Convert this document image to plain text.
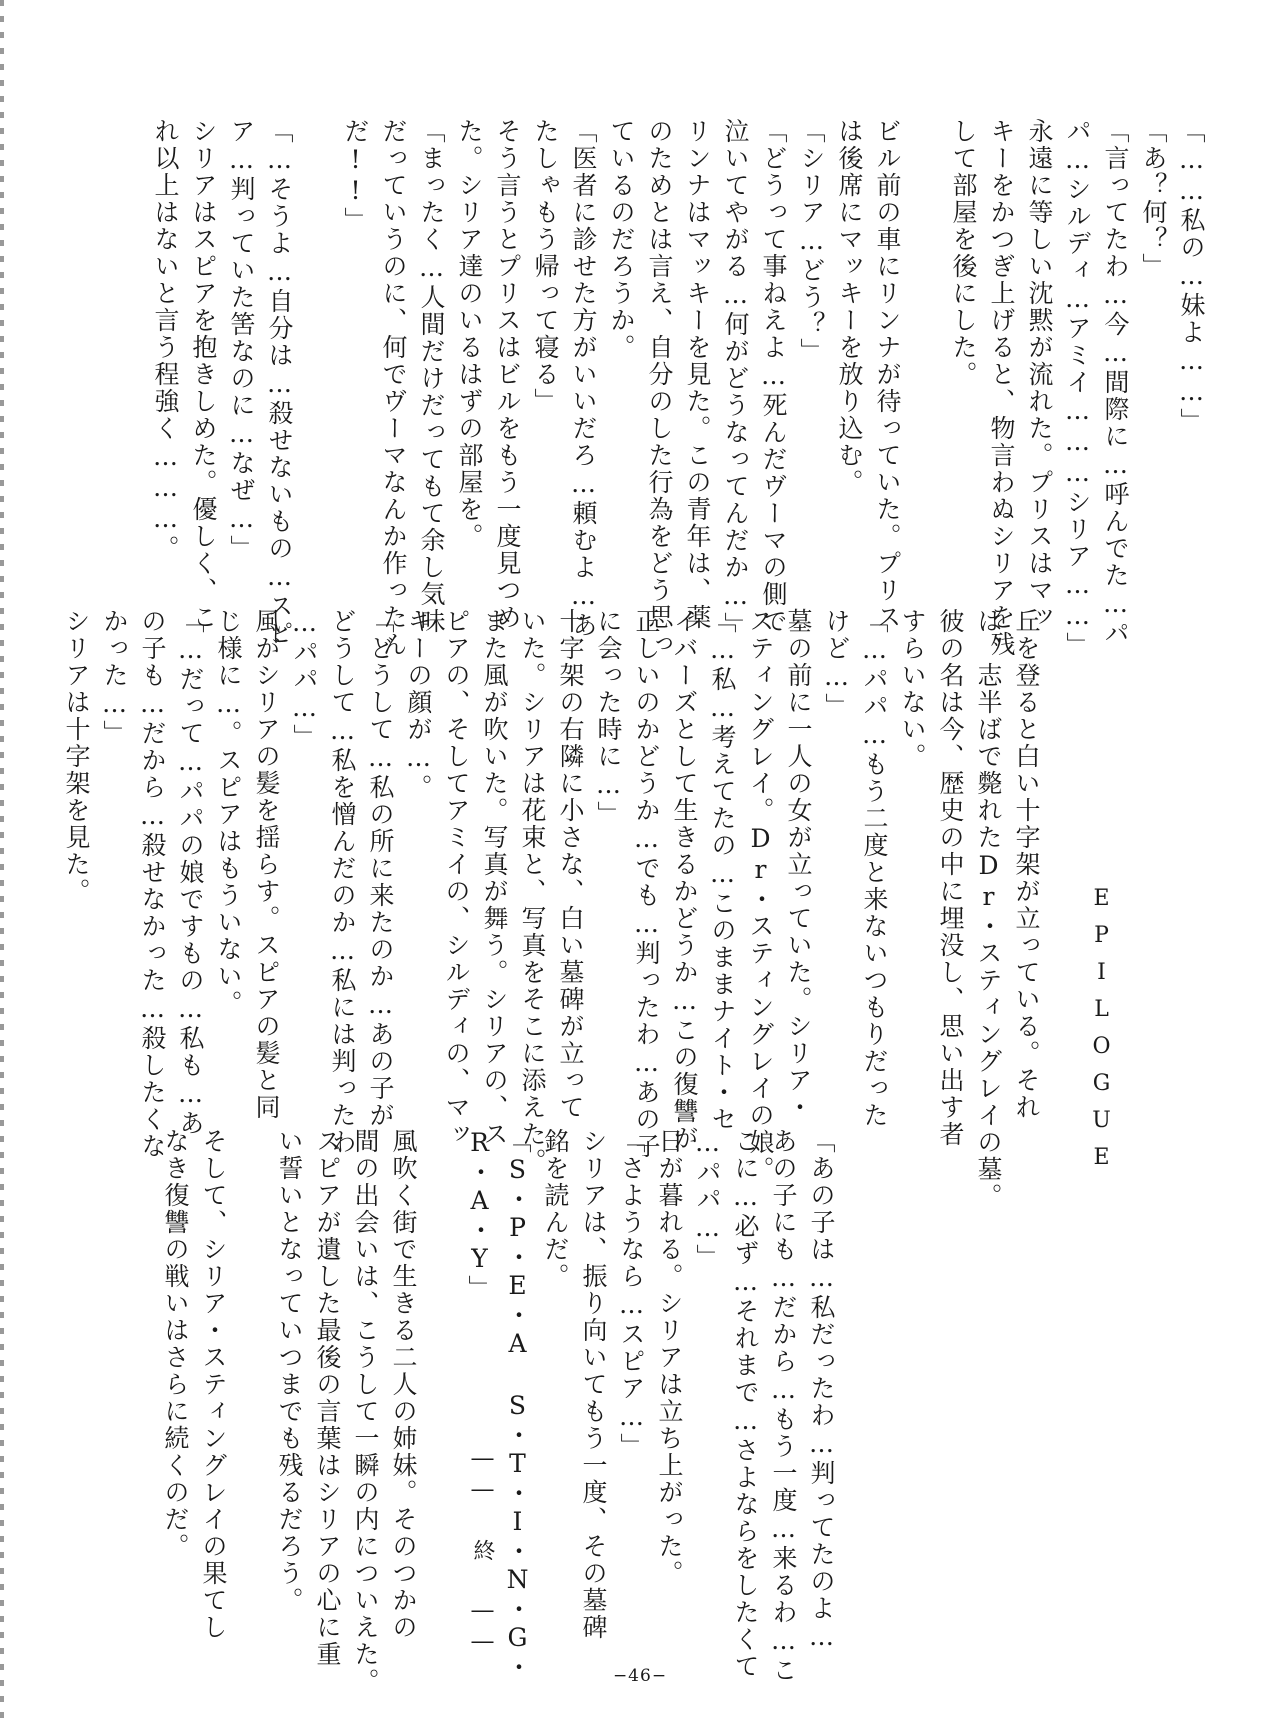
「……私の…妹よ……」

「あ？何？」

「言ってたわ…今…間際に…呼んでた…パ

パ…シルディ…アミイ………シリア……」

永遠に等しい沈黙が流れた。プリスはマッ

キーをかつぎ上げると、物言わぬシリアを残

して部屋を後にした。

ビル前の車にリンナが待っていた。プリス

は後席にマッキーを放り込む。

「シリア…どう？」

「どうって事ねえよ…死んだヴーマの側で

泣いてやがる…何がどうなってんだか…」

リンナはマッキーを見た。この青年は、薬

のためとは言え、自分のした行為をどう思っ

ているのだろうか。

「医者に診せた方がいいだろ…頼むよ…あ

たしゃもう帰って寝る」

そう言うとプリスはビルをもう一度見つめ

た。シリア達のいるはずの部屋を。

「まったく…人間だけだってもて余し気味

だっていうのに、何でヴーマなんか作ったん

だ!!」

「…そうよ…自分は…殺せないもの…スピ

ア…判っていた筈なのに…なぜ…」

シリアはスピアを抱きしめた。優しく、こ

れ以上はないと言う程強く………。

EPILOGUE

丘を登ると白い十字架が立っている。それ

は、志半ばで斃れたDr・スティングレイの墓。

彼の名は今、歴史の中に埋没し、思い出す者

すらいない。

「…パパ…もう二度と来ないつもりだった

けど…」

墓の前に一人の女が立っていた。シリア・

スティングレイ。Dr・スティングレイの娘。

「…私…考えてたの…このままナイト・セ

イバーズとして生きるかどうか…この復讐が

正しいのかどうか…でも…判ったわ…あの子

に会った時に…」

十字架の右隣に小さな、白い墓碑が立って

いた。シリアは花束と、写真をそこに添えた。

また風が吹いた。写真が舞う。シリアの、ス

ピアの、そしてアミイの、シルディの、マッ

キーの顔が…。

「どうして…私の所に来たのか…あの子が

どうして…私を憎んだのか…私には判ったわ

…パパ…」

風がシリアの髪を揺らす。スピアの髪と同

じ様に…。スピアはもういない。

「…だって…パパの娘ですもの…私も…あ

の子も…だから…殺せなかった…殺したくな

かった…」

シリアは十字架を見た。

「あの子は…私だったわ…判ってたのよ…

あの子にも…だから…もう一度…来るわ…こ

こに…必ず…それまで…さよならをしたくて

…パパ…」

日が暮れる。シリアは立ち上がった。

「さようなら…スピア…」

シリアは、振り向いてもう一度、その墓碑

銘を読んだ。

「S・P・E・A S・T・I・N・G・

R・A・Y」

風吹く街で生きる二人の姉妹。そのつかの

間の出会いは、こうして一瞬の内についえた。

スピアが遺した最後の言葉はシリアの心に重

い誓いとなっていつまでも残るだろう。

そして、シリア・スティングレイの果てし

なき復讐の戦いはさらに続くのだ。	―― 終 ――
−46−
